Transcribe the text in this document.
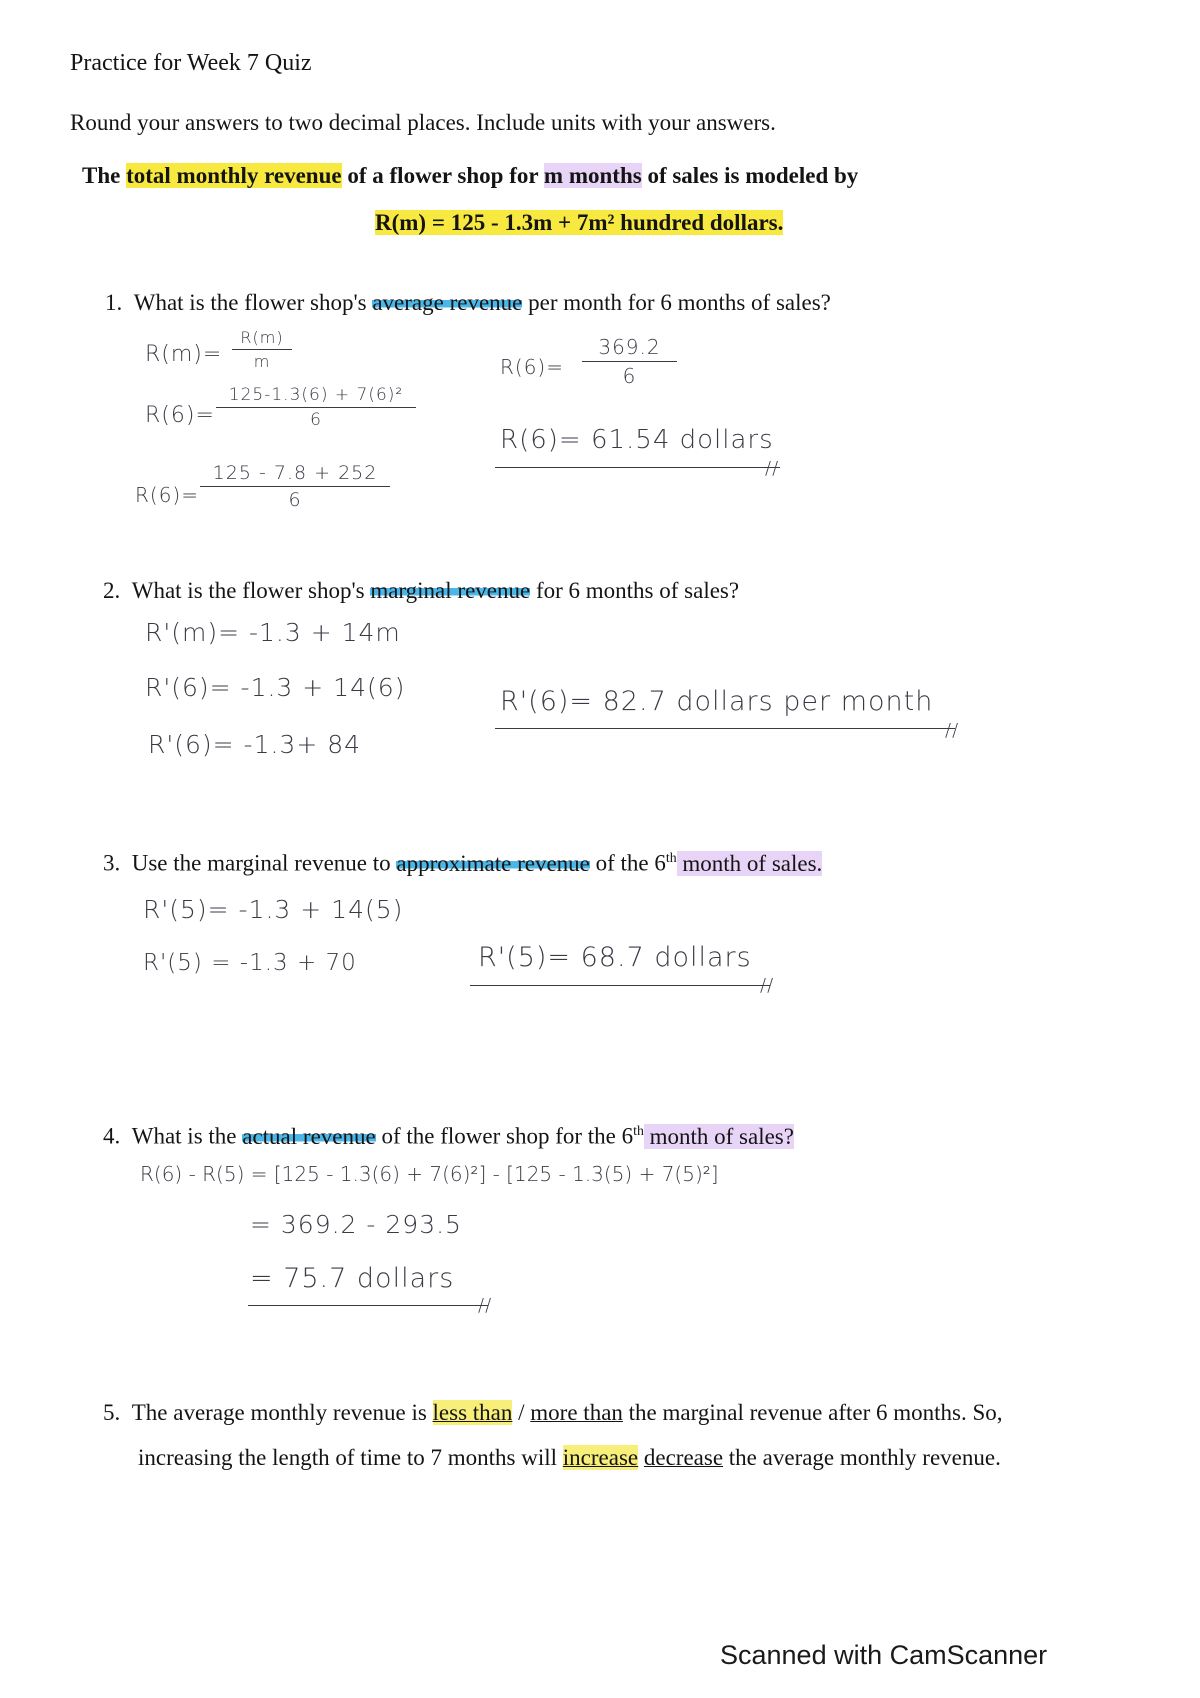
Practice for Week 7 Quiz
Round your answers to two decimal places. Include units with your answers.
The total monthly revenue of a flower shop for m months of sales is modeled by
R(m) = 125 - 1.3m + 7m² hundred dollars.
1. What is the flower shop's average revenue per month for 6 months of sales?
R(m)=
R(m)
m
R(6)=
125-1.3(6) + 7(6)²
6
R(6)=
125 - 7.8 + 252
6
R(6)=
369.2
6
R(6)= 61.54 dollars
//
2. What is the flower shop's marginal revenue for 6 months of sales?
R'(m)= -1.3 + 14m
R'(6)= -1.3 + 14(6)
R'(6)= -1.3+ 84
R'(6)= 82.7 dollars per month
//
3. Use the marginal revenue to approximate revenue of the 6th month of sales.
R'(5)= -1.3 + 14(5)
R'(5) = -1.3 + 70	R'(5)= 68.7 dollars
//
4. What is the actual revenue of the flower shop for the 6th month of sales?
R(6) - R(5) = [125 - 1.3(6) + 7(6)²] - [125 - 1.3(5) + 7(5)²]
= 369.2 - 293.5
= 75.7 dollars
//
5. The average monthly revenue is less than / more than the marginal revenue after 6 months. So,
increasing the length of time to 7 months will increase decrease the average monthly revenue.
Scanned with CamScanner
